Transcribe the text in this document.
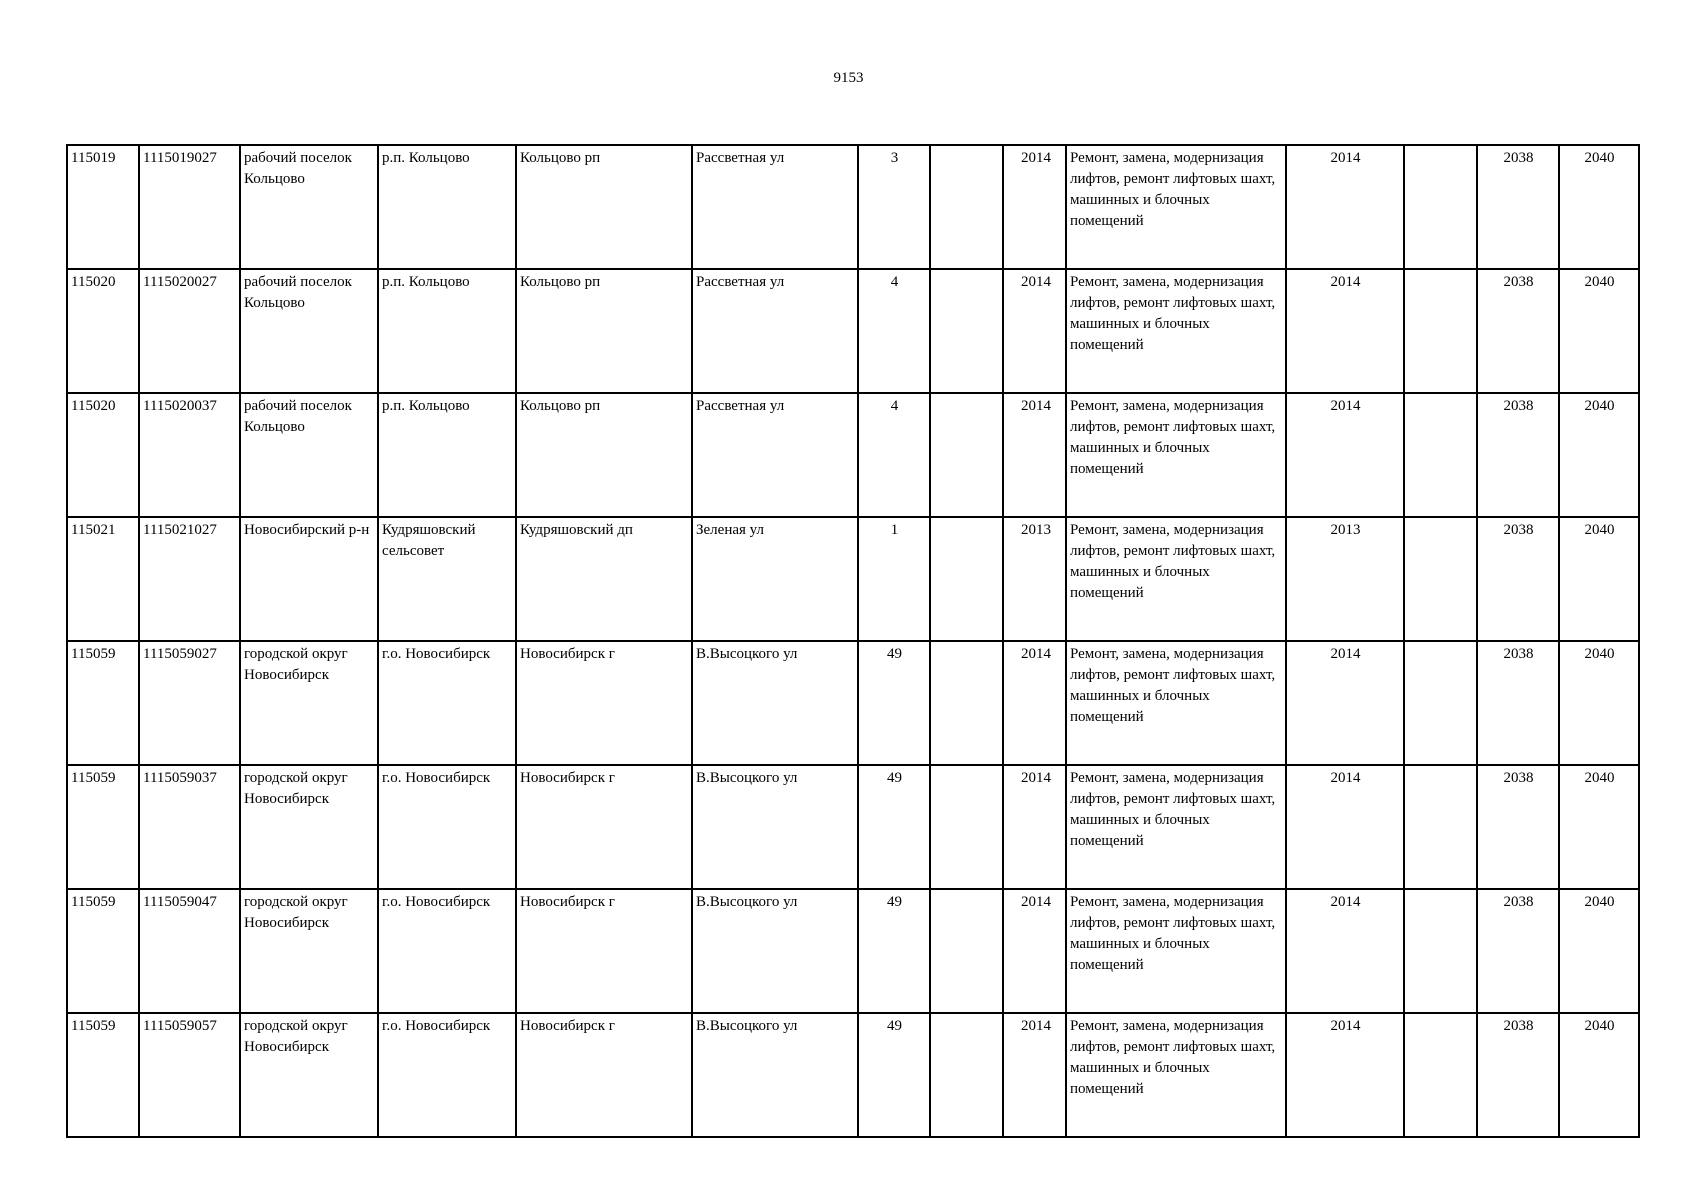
9153
115019	1115019027	рабочий поселок Кольцово	р.п. Кольцово	Кольцово рп	Рассветная ул	3		2014	Ремонт, замена, модернизация лифтов, ремонт лифтовых шахт, машинных и блочных помещений	2014		2038	2040
115020	1115020027	рабочий поселок Кольцово	р.п. Кольцово	Кольцово рп	Рассветная ул	4		2014	Ремонт, замена, модернизация лифтов, ремонт лифтовых шахт, машинных и блочных помещений	2014		2038	2040
115020	1115020037	рабочий поселок Кольцово	р.п. Кольцово	Кольцово рп	Рассветная ул	4		2014	Ремонт, замена, модернизация лифтов, ремонт лифтовых шахт, машинных и блочных помещений	2014		2038	2040
115021	1115021027	Новосибирский р-н	Кудряшовский сельсовет	Кудряшовский дп	Зеленая ул	1		2013	Ремонт, замена, модернизация лифтов, ремонт лифтовых шахт, машинных и блочных помещений	2013		2038	2040
115059	1115059027	городской округ Новосибирск	г.о. Новосибирск	Новосибирск г	В.Высоцкого ул	49		2014	Ремонт, замена, модернизация лифтов, ремонт лифтовых шахт, машинных и блочных помещений	2014		2038	2040
115059	1115059037	городской округ Новосибирск	г.о. Новосибирск	Новосибирск г	В.Высоцкого ул	49		2014	Ремонт, замена, модернизация лифтов, ремонт лифтовых шахт, машинных и блочных помещений	2014		2038	2040
115059	1115059047	городской округ Новосибирск	г.о. Новосибирск	Новосибирск г	В.Высоцкого ул	49		2014	Ремонт, замена, модернизация лифтов, ремонт лифтовых шахт, машинных и блочных помещений	2014		2038	2040
115059	1115059057	городской округ Новосибирск	г.о. Новосибирск	Новосибирск г	В.Высоцкого ул	49		2014	Ремонт, замена, модернизация лифтов, ремонт лифтовых шахт, машинных и блочных помещений	2014		2038	2040
